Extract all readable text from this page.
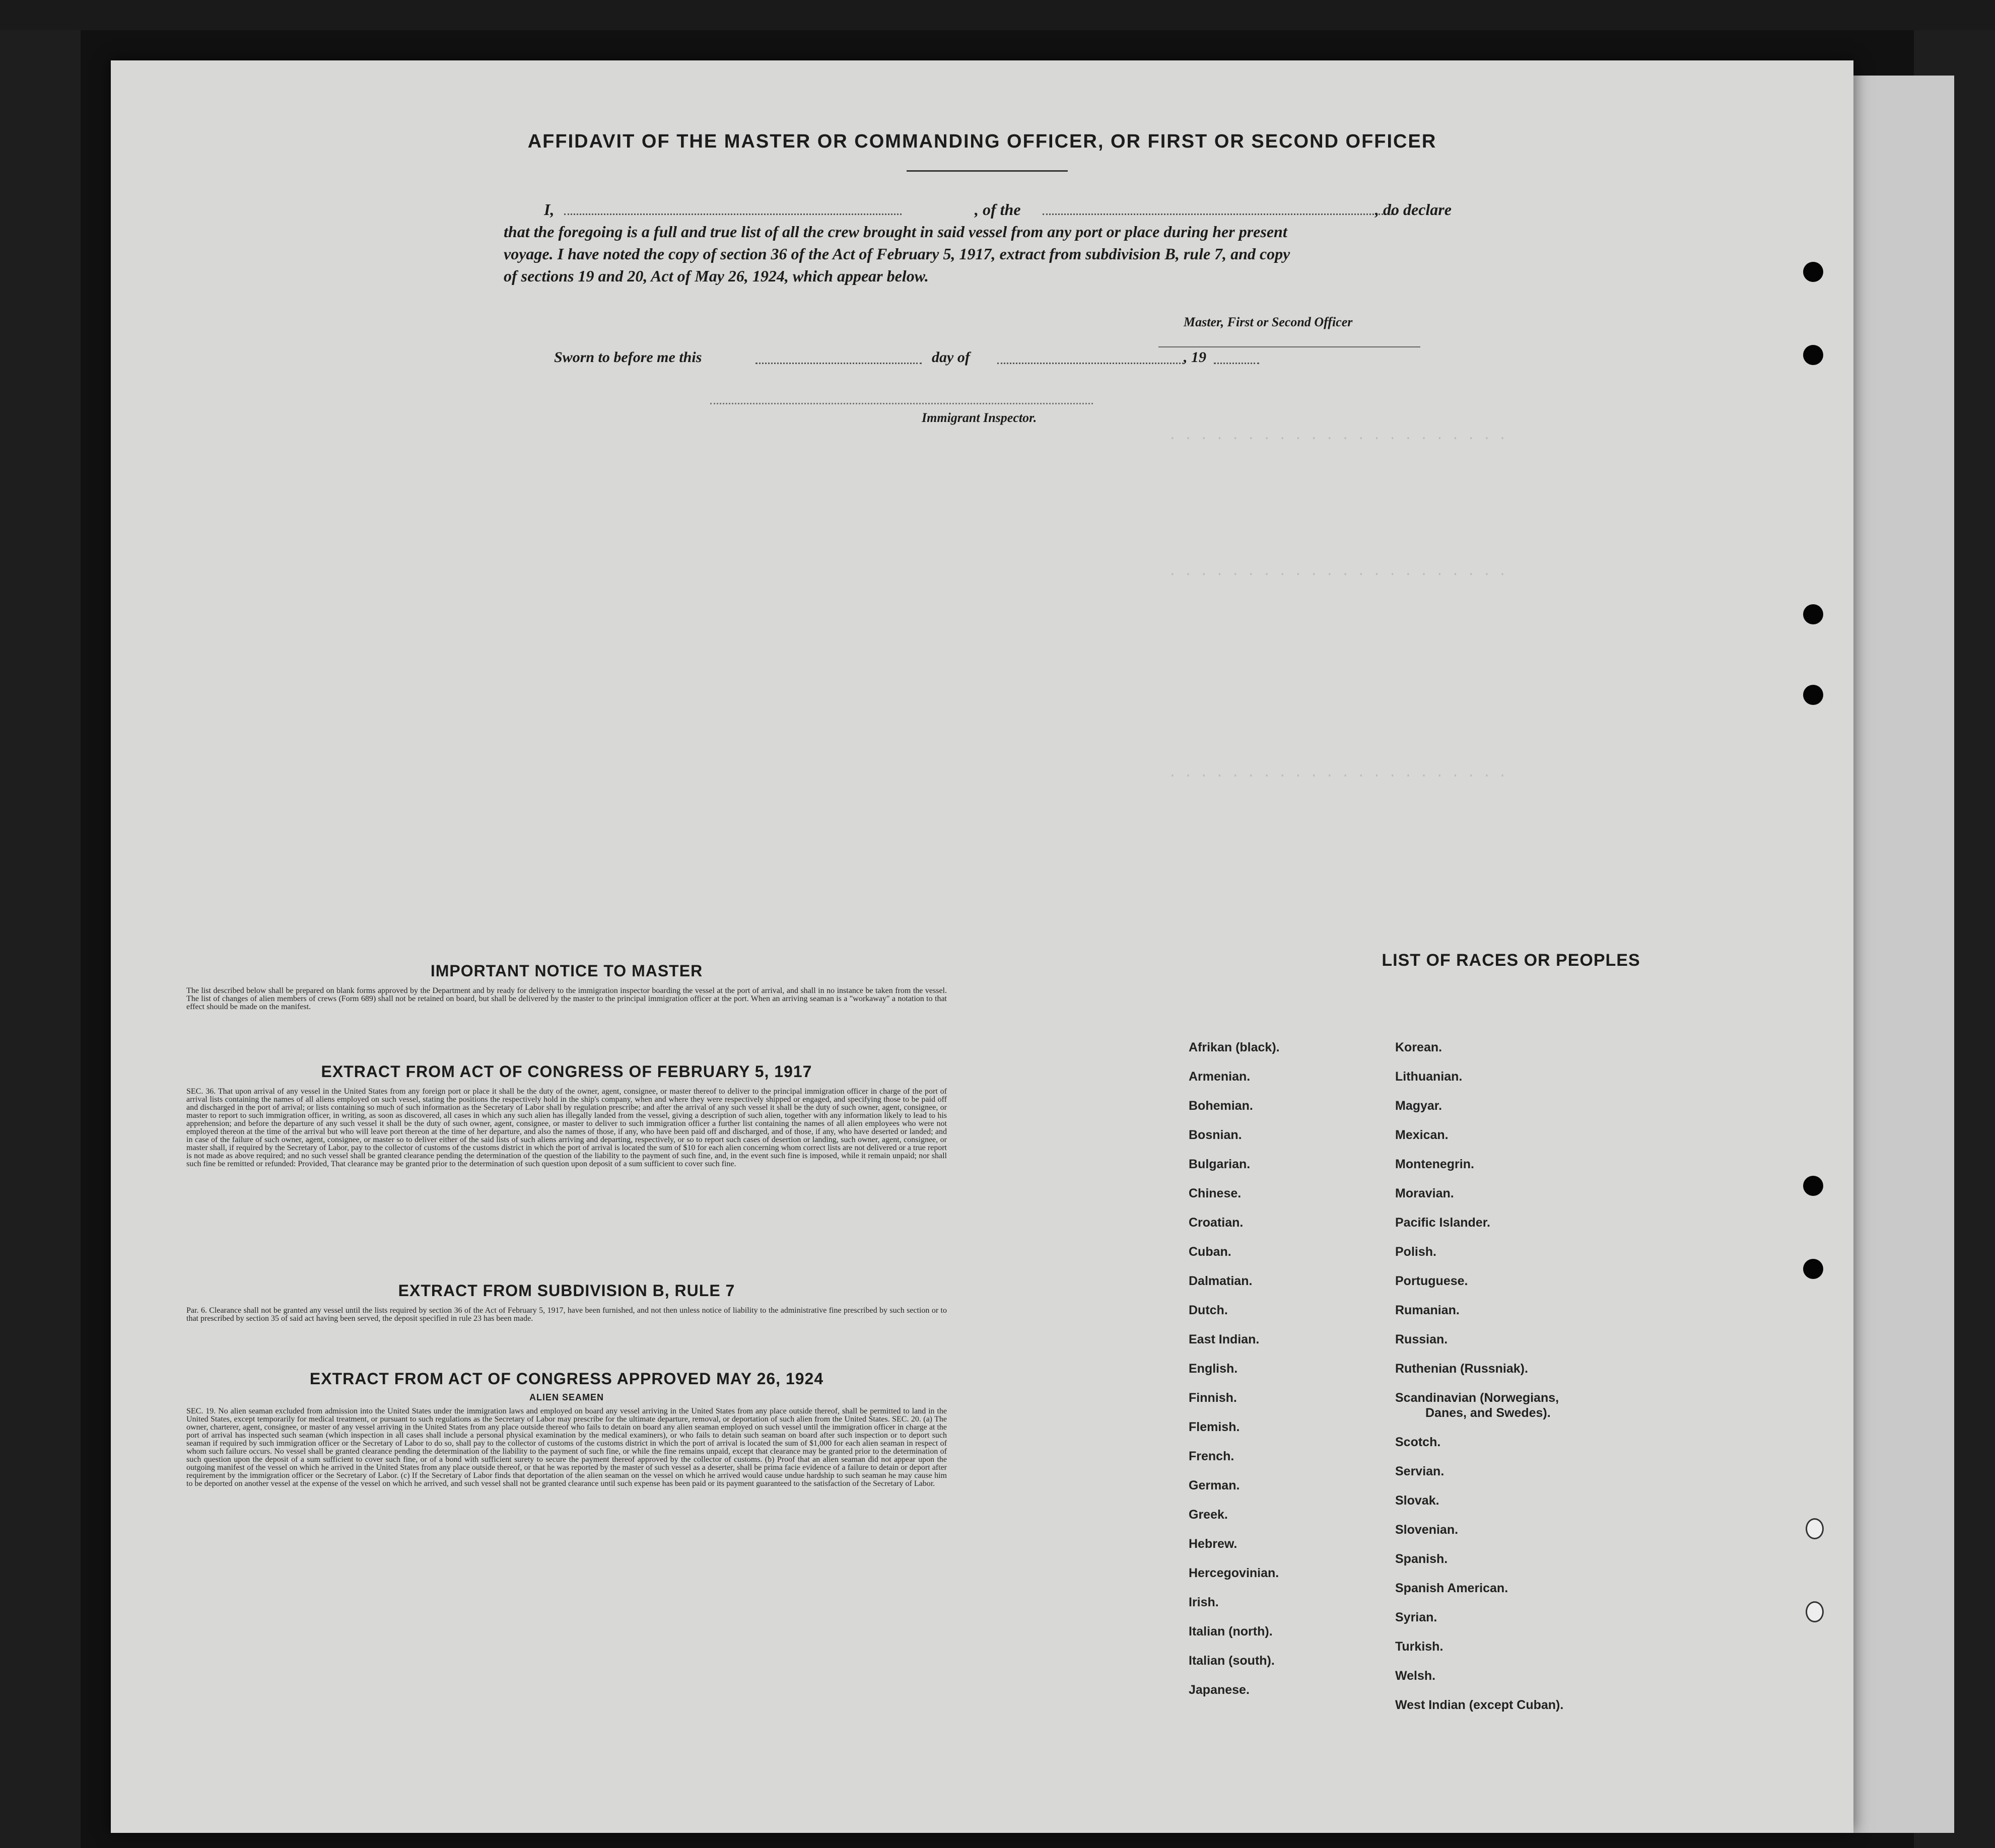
. . . . . . . . . . . . . . . . . . . . . .
. . . . . . . . . . . . . . . . . . . . . .
. . . . . . . . . . . . . . . . . . . . . .
AFFIDAVIT OF THE MASTER OR COMMANDING OFFICER, OR FIRST OR SECOND OFFICER
I,	, of the	, do declare
that the foregoing is a full and true list of all the crew brought in said vessel from any port or place during her present
voyage. I have noted the copy of section 36 of the Act of February 5, 1917, extract from subdivision B, rule 7, and copy
of sections 19 and 20, Act of May 26, 1924, which appear below.
Master, First or Second Officer
Sworn to before me this	day of	, 19
Immigrant Inspector.
IMPORTANT NOTICE TO MASTER
The list described below shall be prepared on blank forms approved by the Department and by ready for delivery to the immigration inspector boarding the vessel at the port of arrival, and shall in no instance be taken from the vessel. The list of changes of alien members of crews (Form 689) shall not be retained on board, but shall be delivered by the master to the principal immigration officer at the port. When an arriving seaman is a "workaway" a notation to that effect should be made on the manifest.
EXTRACT FROM ACT OF CONGRESS OF FEBRUARY 5, 1917
SEC. 36. That upon arrival of any vessel in the United States from any foreign port or place it shall be the duty of the owner, agent, consignee, or master thereof to deliver to the principal immigration officer in charge of the port of arrival lists containing the names of all aliens employed on such vessel, stating the positions the respectively hold in the ship's company, when and where they were respectively shipped or engaged, and specifying those to be paid off and discharged in the port of arrival; or lists containing so much of such information as the Secretary of Labor shall by regulation prescribe; and after the arrival of any such vessel it shall be the duty of such owner, agent, consignee, or master to report to such immigration officer, in writing, as soon as discovered, all cases in which any such alien has illegally landed from the vessel, giving a description of such alien, together with any information likely to lead to his apprehension; and before the departure of any such vessel it shall be the duty of such owner, agent, consignee, or master to deliver to such immigration officer a further list containing the names of all alien employees who were not employed thereon at the time of the arrival but who will leave port thereon at the time of her departure, and also the names of those, if any, who have been paid off and discharged, and of those, if any, who have deserted or landed; and in case of the failure of such owner, agent, consignee, or master so to deliver either of the said lists of such aliens arriving and departing, respectively, or so to report such cases of desertion or landing, such owner, agent, consignee, or master shall, if required by the Secretary of Labor, pay to the collector of customs of the customs district in which the port of arrival is located the sum of $10 for each alien concerning whom correct lists are not delivered or a true report is not made as above required; and no such vessel shall be granted clearance pending the determination of the question of the liability to the payment of such fine, and, in the event such fine is imposed, while it remain unpaid; nor shall such fine be remitted or refunded: Provided, That clearance may be granted prior to the determination of such question upon deposit of a sum sufficient to cover such fine.
EXTRACT FROM SUBDIVISION B, RULE 7
Par. 6. Clearance shall not be granted any vessel until the lists required by section 36 of the Act of February 5, 1917, have been furnished, and not then unless notice of liability to the administrative fine prescribed by such section or to that prescribed by section 35 of said act having been served, the deposit specified in rule 23 has been made.
EXTRACT FROM ACT OF CONGRESS APPROVED MAY 26, 1924
ALIEN SEAMEN
SEC. 19. No alien seaman excluded from admission into the United States under the immigration laws and employed on board any vessel arriving in the United States from any place outside thereof, shall be permitted to land in the United States, except temporarily for medical treatment, or pursuant to such regulations as the Secretary of Labor may prescribe for the ultimate departure, removal, or deportation of such alien from the United States. SEC. 20. (a) The owner, charterer, agent, consignee, or master of any vessel arriving in the United States from any place outside thereof who fails to detain on board any alien seaman employed on such vessel until the immigration officer in charge at the port of arrival has inspected such seaman (which inspection in all cases shall include a personal physical examination by the medical examiners), or who fails to detain such seaman on board after such inspection or to deport such seaman if required by such immigration officer or the Secretary of Labor to do so, shall pay to the collector of customs of the customs district in which the port of arrival is located the sum of $1,000 for each alien seaman in respect of whom such failure occurs. No vessel shall be granted clearance pending the determination of the liability to the payment of such fine, or while the fine remains unpaid, except that clearance may be granted prior to the determination of such question upon the deposit of a sum sufficient to cover such fine, or of a bond with sufficient surety to secure the payment thereof approved by the collector of customs. (b) Proof that an alien seaman did not appear upon the outgoing manifest of the vessel on which he arrived in the United States from any place outside thereof, or that he was reported by the master of such vessel as a deserter, shall be prima facie evidence of a failure to detain or deport after requirement by the immigration officer or the Secretary of Labor. (c) If the Secretary of Labor finds that deportation of the alien seaman on the vessel on which he arrived would cause undue hardship to such seaman he may cause him to be deported on another vessel at the expense of the vessel on which he arrived, and such vessel shall not be granted clearance until such expense has been paid or its payment guaranteed to the satisfaction of the Secretary of Labor.
LIST OF RACES OR PEOPLES
Afrikan (black).
Armenian.
Bohemian.
Bosnian.
Bulgarian.
Chinese.
Croatian.
Cuban.
Dalmatian.
Dutch.
East Indian.
English.
Finnish.
Flemish.
French.
German.
Greek.
Hebrew.
Hercegovinian.
Irish.
Italian (north).
Italian (south).
Japanese.
Korean.
Lithuanian.
Magyar.
Mexican.
Montenegrin.
Moravian.
Pacific Islander.
Polish.
Portuguese.
Rumanian.
Russian.
Ruthenian (Russniak).
Scandinavian (Norwegians,
Danes, and Swedes).
Scotch.
Servian.
Slovak.
Slovenian.
Spanish.
Spanish American.
Syrian.
Turkish.
Welsh.
West Indian (except Cuban).
